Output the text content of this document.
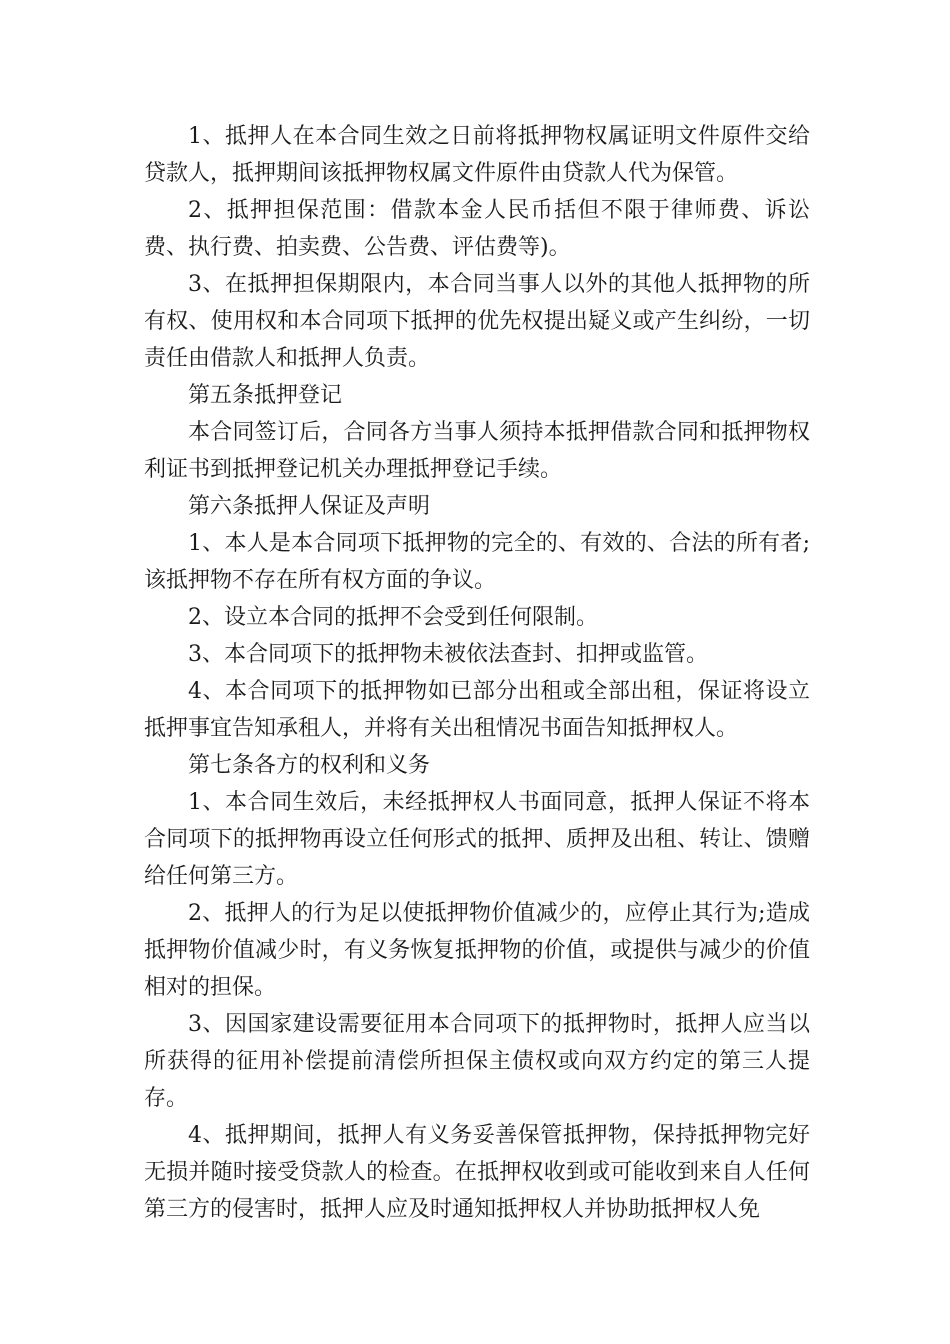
1、抵押人在本合同生效之日前将抵押物权属证明文件原件交给贷款人，抵押期间该抵押物权属文件原件由贷款人代为保管。

2、抵押担保范围：借款本金人民币括但不限于律师费、诉讼费、执行费、拍卖费、公告费、评估费等)。

3、在抵押担保期限内，本合同当事人以外的其他人抵押物的所有权、使用权和本合同项下抵押的优先权提出疑义或产生纠纷，一切责任由借款人和抵押人负责。

第五条抵押登记

本合同签订后，合同各方当事人须持本抵押借款合同和抵押物权利证书到抵押登记机关办理抵押登记手续。

第六条抵押人保证及声明

1、本人是本合同项下抵押物的完全的、有效的、合法的所有者;该抵押物不存在所有权方面的争议。

2、设立本合同的抵押不会受到任何限制。

3、本合同项下的抵押物未被依法查封、扣押或监管。

4、本合同项下的抵押物如已部分出租或全部出租，保证将设立抵押事宜告知承租人，并将有关出租情况书面告知抵押权人。

第七条各方的权利和义务

1、本合同生效后，未经抵押权人书面同意，抵押人保证不将本合同项下的抵押物再设立任何形式的抵押、质押及出租、转让、馈赠给任何第三方。

2、抵押人的行为足以使抵押物价值减少的，应停止其行为;造成抵押物价值减少时，有义务恢复抵押物的价值，或提供与减少的价值相对的担保。

3、因国家建设需要征用本合同项下的抵押物时，抵押人应当以所获得的征用补偿提前清偿所担保主债权或向双方约定的第三人提存。

4、抵押期间，抵押人有义务妥善保管抵押物，保持抵押物完好无损并随时接受贷款人的检查。在抵押权收到或可能收到来自人任何第三方的侵害时，抵押人应及时通知抵押权人并协助抵押权人免
